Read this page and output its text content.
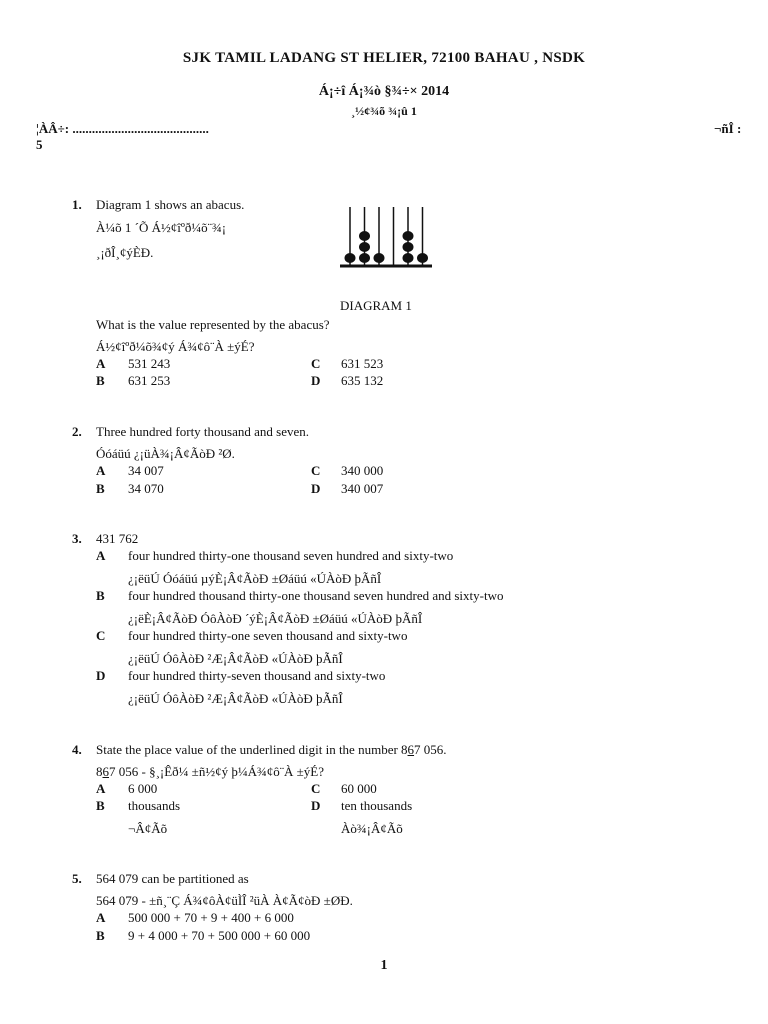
SJK TAMIL LADANG ST HELIER, 72100 BAHAU , NSDK
Á¡÷î Á¡¾ò §¾÷× 2014
¸½¢¾õ ¾¡û 1
¦ÀÂ÷: ..........................................	¬ñÎ :
5
1. Diagram 1 shows an abacus.
À¼õ 1 ´Õ Á½¢îºð¼õ¨¾¡
¸¡ðÎ¸¢ýÈÐ.
DIAGRAM 1
What is the value represented by the abacus?
Á½¢îºð¼õ¾¢ý Á¾¢ô¨À ±ýÉ?
A 531 243
B 631 253
C 631 523
D 635 132
2. Three hundred forty thousand and seven.
Óóáüú ¿¡üÀ¾¡Â¢ÃòÐ ²Ø.
A 34 007
B 34 070
C 340 000
D 340 007
3. 431 762
A four hundred thirty-one thousand seven hundred and sixty-two
¿¡ëüÚ Óóáüú µýÈ¡Â¢ÃòÐ ±Øáüú «ÚÀòÐ þÃñÎ
B four hundred thousand thirty-one thousand seven hundred and sixty-two
¿¡ëÈ¡Â¢ÃòÐ ÓôÀòÐ ´ýÈ¡Â¢ÃòÐ ±Øáüú «ÚÀòÐ þÃñÎ
C four hundred thirty-one seven thousand and sixty-two
¿¡ëüÚ ÓôÀòÐ ²Æ¡Â¢ÃòÐ «ÚÀòÐ þÃñÎ
D four hundred thirty-seven thousand and sixty-two
¿¡ëüÚ ÓôÀòÐ ²Æ¡Â¢ÃòÐ «ÚÀòÐ þÃñÎ
4. State the place value of the underlined digit in the number 867 056.
867 056 - §¸¡Êð¼ ±ñ½¢ý þ¼Á¾¢ô¨À ±ýÉ?
A 6 000
B thousands
¬Â¢Ãõ
C 60 000
D ten thousands
Àò¾¡Â¢Ãõ
5. 564 079 can be partitioned as
564 079 - ±ñ¸¨Ç Á¾¢ôÀ¢üÌÎ ²üÀ À¢Ã¢òÐ ±ØÐ.
A 500 000 + 70 + 9 + 400 + 6 000
B 9 + 4 000 + 70 + 500 000 + 60 000
1
